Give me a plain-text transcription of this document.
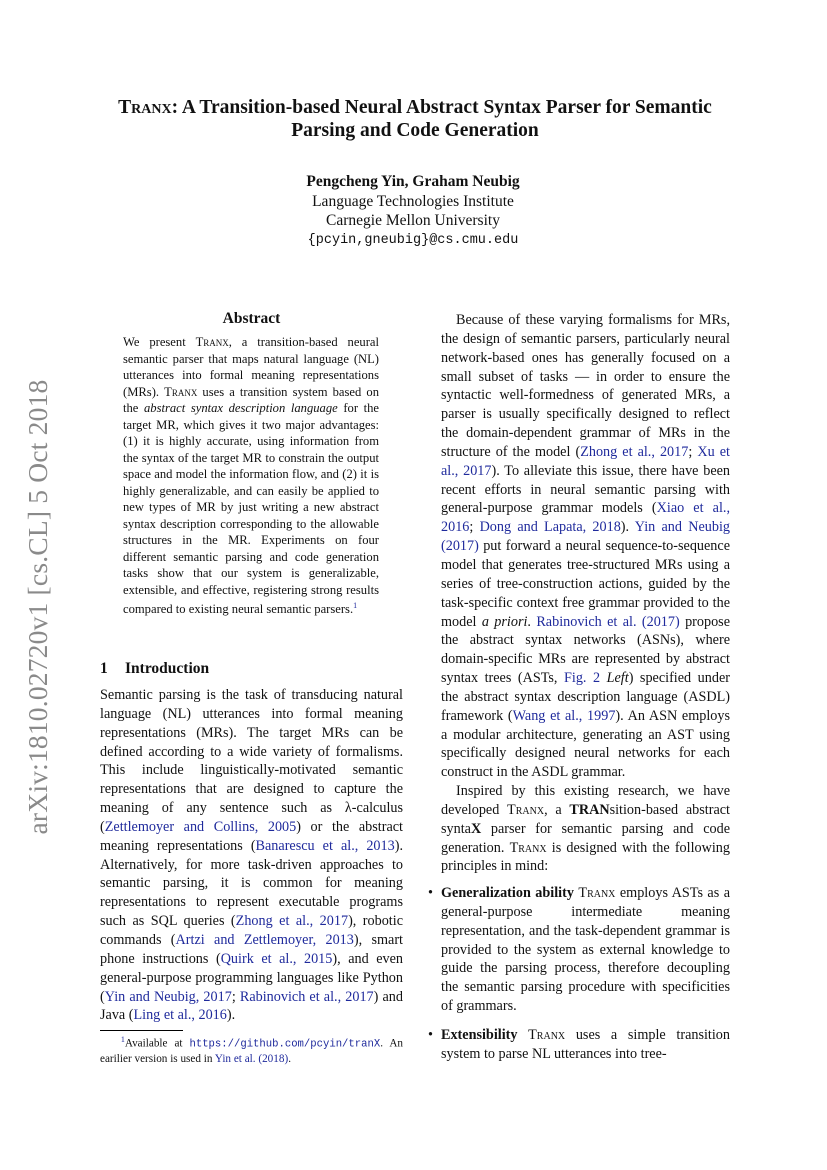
arXiv:1810.02720v1 [cs.CL] 5 Oct 2018
Tranx: A Transition-based Neural Abstract Syntax Parser for Semantic
Parsing and Code Generation
Pengcheng Yin, Graham Neubig
Language Technologies Institute
Carnegie Mellon University
{pcyin,gneubig}@cs.cmu.edu
Abstract
We present Tranx, a transition-based neural semantic parser that maps natural language (NL) utterances into formal meaning representations (MRs). Tranx uses a transition system based on the abstract syntax description language for the target MR, which gives it two major advantages: (1) it is highly accurate, using information from the syntax of the target MR to constrain the output space and model the information flow, and (2) it is highly generalizable, and can easily be applied to new types of MR by just writing a new abstract syntax description corresponding to the allowable structures in the MR. Experiments on four different semantic parsing and code generation tasks show that our system is generalizable, extensible, and effective, registering strong results compared to existing neural semantic parsers.$^1$
1 Introduction
Semantic parsing is the task of transducing natural language (NL) utterances into formal meaning representations (MRs). The target MRs can be defined according to a wide variety of formalisms. This include linguistically-motivated semantic representations that are designed to capture the meaning of any sentence such as λ-calculus (Zettlemoyer and Collins, 2005) or the abstract meaning representations (Banarescu et al., 2013). Alternatively, for more task-driven approaches to semantic parsing, it is common for meaning representations to represent executable programs such as SQL queries (Zhong et al., 2017), robotic commands (Artzi and Zettlemoyer, 2013), smart phone instructions (Quirk et al., 2015), and even general-purpose programming languages like Python (Yin and Neubig, 2017; Rabinovich et al., 2017) and Java (Ling et al., 2016).
$^1$Available at https://github.com/pcyin/tranX. An earilier version is used in Yin et al. (2018).

Because of these varying formalisms for MRs, the design of semantic parsers, particularly neural network-based ones has generally focused on a small subset of tasks — in order to ensure the syntactic well-formedness of generated MRs, a parser is usually specifically designed to reflect the domain-dependent grammar of MRs in the structure of the model (Zhong et al., 2017; Xu et al., 2017). To alleviate this issue, there have been recent efforts in neural semantic parsing with general-purpose grammar models (Xiao et al., 2016; Dong and Lapata, 2018). Yin and Neubig (2017) put forward a neural sequence-to-sequence model that generates tree-structured MRs using a series of tree-construction actions, guided by the task-specific context free grammar provided to the model a priori. Rabinovich et al. (2017) propose the abstract syntax networks (ASNs), where domain-specific MRs are represented by abstract syntax trees (ASTs, Fig. 2 Left) specified under the abstract syntax description language (ASDL) framework (Wang et al., 1997). An ASN employs a modular architecture, generating an AST using specifically designed neural networks for each construct in the ASDL grammar.

Inspired by this existing research, we have developed Tranx, a TRANsition-based abstract syntaX parser for semantic parsing and code generation. Tranx is designed with the following principles in mind:

• Generalization ability Tranx employs ASTs as a general-purpose intermediate meaning representation, and the task-dependent grammar is provided to the system as external knowledge to guide the parsing process, therefore decoupling the semantic parsing procedure with specificities of grammars.
• Extensibility Tranx uses a simple transition system to parse NL utterances into tree-
